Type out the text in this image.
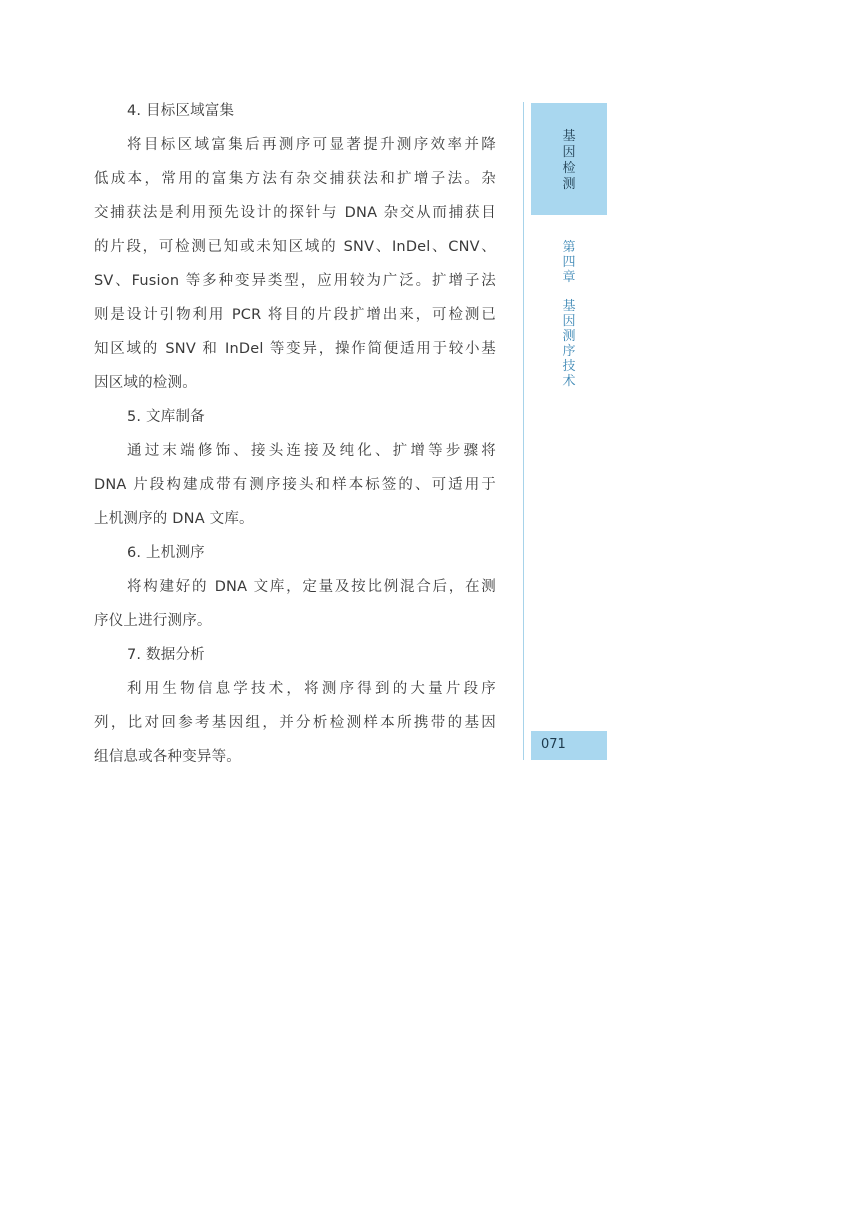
4. 目标区域富集
将目标区域富集后再测序可显著提升测序效率并降
低成本，常用的富集方法有杂交捕获法和扩增子法。杂
交捕获法是利用预先设计的探针与 DNA 杂交从而捕获目
的片段，可检测已知或未知区域的 SNV、InDel、CNV、
SV、Fusion 等多种变异类型，应用较为广泛。扩增子法
则是设计引物利用 PCR 将目的片段扩增出来，可检测已
知区域的 SNV 和 InDel 等变异，操作简便适用于较小基
因区域的检测。
5. 文库制备
通过末端修饰、接头连接及纯化、扩增等步骤将
DNA 片段构建成带有测序接头和样本标签的、可适用于
上机测序的 DNA 文库。
6. 上机测序
将构建好的 DNA 文库，定量及按比例混合后，在测
序仪上进行测序。
7. 数据分析
利用生物信息学技术，将测序得到的大量片段序
列，比对回参考基因组，并分析检测样本所携带的基因
组信息或各种变异等。
基
因
检
测
第
四
章
基
因
测
序
技
术
071
